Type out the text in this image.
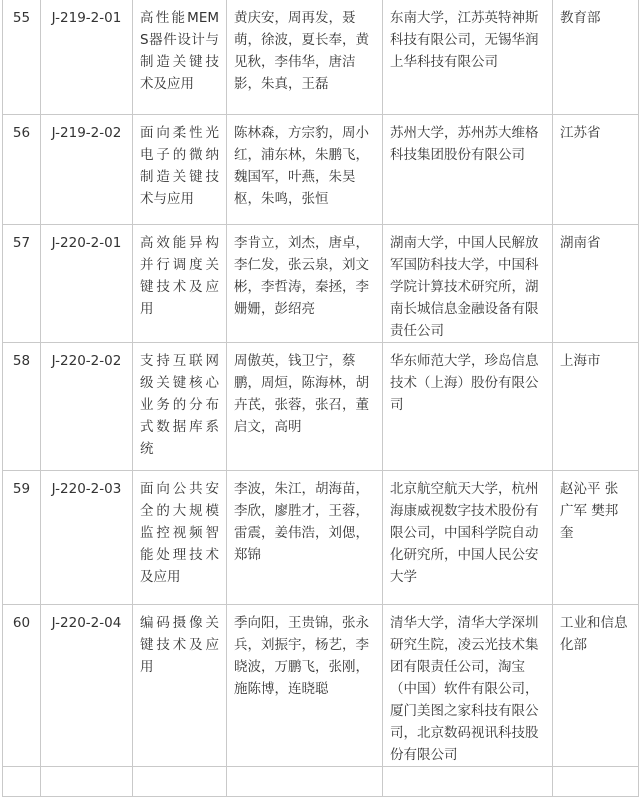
55	J-219-2-01	高性能MEMS器件设计与制造关键技术及应用	黄庆安，周再发，聂萌，徐波，夏长奉，黄见秋，李伟华，唐洁影，朱真，王磊	东南大学，江苏英特神斯科技有限公司，无锡华润上华科技有限公司	教育部
56	J-219-2-02	面向柔性光电子的微纳制造关键技术与应用	陈林森，方宗豹，周小红，浦东林，朱鹏飞，魏国军，叶燕，朱昊枢，朱鸣，张恒	苏州大学，苏州苏大维格科技集团股份有限公司	江苏省
57	J-220-2-01	高效能异构并行调度关键技术及应用	李肯立，刘杰，唐卓，李仁发，张云泉，刘文彬，李哲涛，秦拯，李姗姗，彭绍亮	湖南大学，中国人民解放军国防科技大学，中国科学院计算技术研究所，湖南长城信息金融设备有限责任公司	湖南省
58	J-220-2-02	支持互联网级关键核心业务的分布式数据库系统	周傲英，钱卫宁，蔡鹏，周烜，陈海林，胡卉芪，张蓉，张召，董启文，高明	华东师范大学，珍岛信息技术（上海）股份有限公司	上海市
59	J-220-2-03	面向公共安全的大规模监控视频智能处理技术及应用	李波，朱江，胡海苗，李欣，廖胜才，王蓉，雷震，姜伟浩，刘偲，郑锦	北京航空航天大学，杭州海康威视数字技术股份有限公司，中国科学院自动化研究所，中国人民公安大学	赵沁平 张广军 樊邦奎
60	J-220-2-04	编码摄像关键技术及应用	季向阳，王贵锦，张永兵，刘振宇，杨艺，李晓波，万鹏飞，张刚，施陈博，连晓聪	清华大学，清华大学深圳研究生院，凌云光技术集团有限责任公司，淘宝（中国）软件有限公司，厦门美图之家科技有限公司，北京数码视讯科技股份有限公司	工业和信息化部
